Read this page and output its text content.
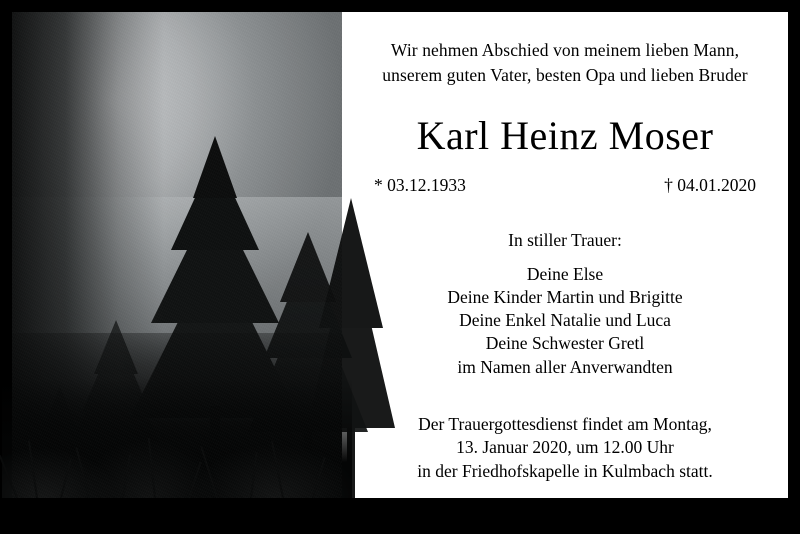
Wir nehmen Abschied von meinem lieben Mann,
unserem guten Vater, besten Opa und lieben Bruder
Karl Heinz Moser
* 03.12.1933	† 04.01.2020
In stiller Trauer:
Deine Else
Deine Kinder Martin und Brigitte
Deine Enkel Natalie und Luca
Deine Schwester Gretl
im Namen aller Anverwandten
Der Trauergottesdienst findet am Montag,
13. Januar 2020, um 12.00 Uhr
in der Friedhofskapelle in Kulmbach statt.
Für alle Anteilnahme herzlichen Dank.
